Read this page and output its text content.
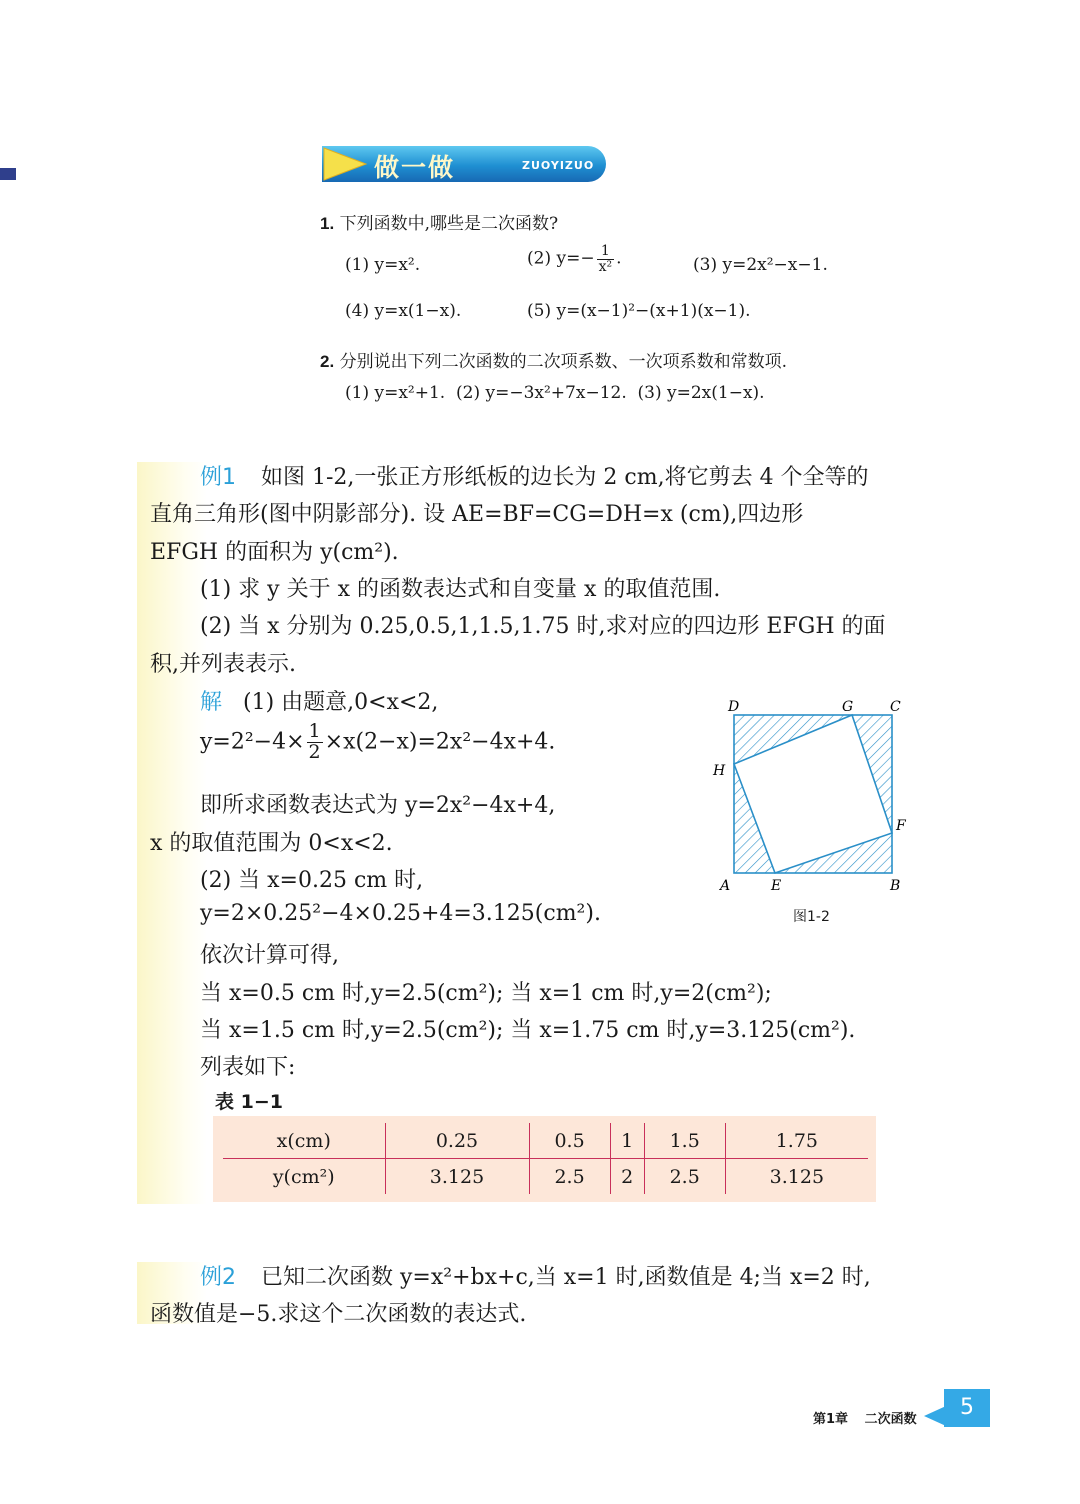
做一做	ZUOYIZUO
1. 下列函数中,哪些是二次函数?
(1) y=x².	(2) $y=- \frac{1}{\text{x²}}$ .	(3) y=2x²−x−1.
(4) y=x(1−x).	(5) y=(x−1)²−(x+1)(x−1).
2. 分别说出下列二次函数的二次项系数、一次项系数和常数项.
(1) y=x²+1.  (2) y=−3x²+7x−12.  (3) y=2x(1−x).
例1 如图 1-2,一张正方形纸板的边长为 2 cm,将它剪去 4 个全等的
直角三角形(图中阴影部分). 设 AE=BF=CG=DH=x (cm),四边形
EFGH 的面积为 y(cm²).
(1) 求 y 关于 x 的函数表达式和自变量 x 的取值范围.
(2) 当 x 分别为 0.25,0.5,1,1.5,1.75 时,求对应的四边形 EFGH 的面
积,并列表表示.
解 (1) 由题意,0<x<2,
$y=2^2-4\times \frac{1}{2} \times x(2-x)=2x^2-4x+4$.
即所求函数表达式为 y=2x²−4x+4,
x 的取值范围为 0<x<2.
(2) 当 x=0.25 cm 时,
y=2×0.25²−4×0.25+4=3.125(cm²).
依次计算可得,
当 x=0.5 cm 时,y=2.5(cm²); 当 x=1 cm 时,y=2(cm²);
当 x=1.5 cm 时,y=2.5(cm²); 当 x=1.75 cm 时,y=3.125(cm²).
列表如下:
表 1−1
x(cm)	0.25	0.5	1	1.5	1.75
y(cm²)	3.125	2.5	2	2.5	3.125
D	G	C
H
F
A	E	B
图1-2
例2 已知二次函数 y=x²+bx+c,当 x=1 时,函数值是 4;当 x=2 时,
函数值是−5.求这个二次函数的表达式.
第1章 二次函数	5
